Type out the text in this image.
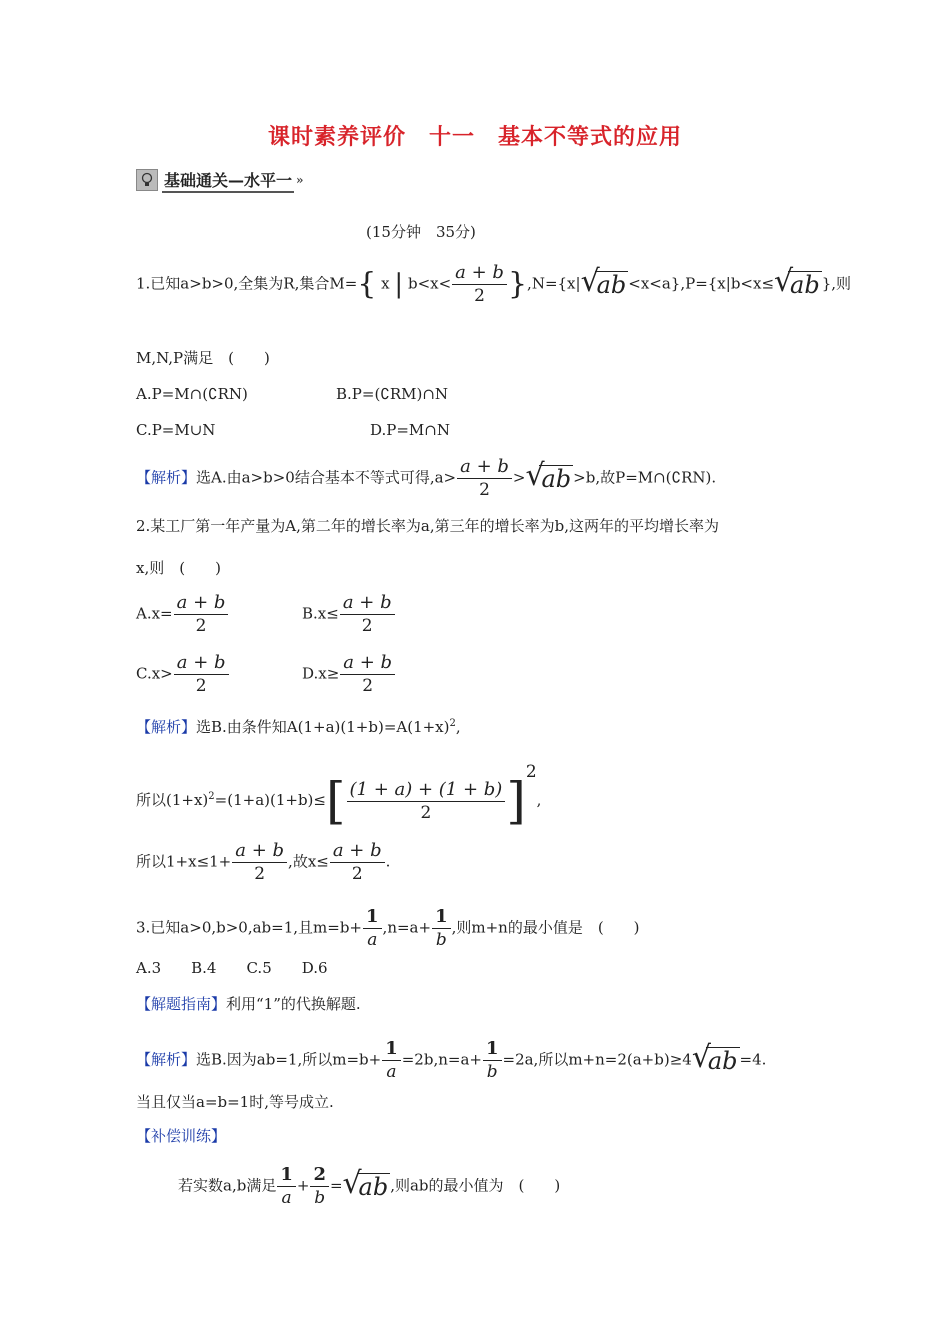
课时素养评价　十一　基本不等式的应用
基础通关—水平一 »
(15分钟　35分)
1.已知a>b>0,全集为R,集合M={ x | $b<x< \frac{a + b}{2} \},N=\{x|$ √
ab <x<a},P={x|b<x≤ √
ab },则
M,N,P满足　(　　)
A.P=M∩(∁RN)	B.P=(∁RM)∩N
C.P=M∪N	D.P=M∩N
【解析】选A.由a>b>0结合基本不等式可得$,a> \frac{a + b}{2}$ > √
ab >b,故P=M∩(∁RN).
2.某工厂第一年产量为A,第二年的增长率为a,第三年的增长率为b,这两年的平均增长率为
x,则　(　　)
$A.x= \frac{a + b}{2}$	$B.x\le \frac{a + b}{2}$
$C.x> \frac{a + b}{2}$	$D.x\ge \frac{a + b}{2}$
【解析】选B.由条件知$A(1+a)(1+b)=A(1+x)^2$,
所以$(1+x)^2=(1+a)(1+b)\le[ \frac{(1 + a) + (1 + b)}{2} ]^2$,
所以$1+x\le 1+ \frac{a + b}{2}$ ,故$x\le \frac{a + b}{2}$ .
3.已知a>0,b>0,ab=1,且$m=b+ \frac{1}{a} ,n=a+ \frac{1}{b}$ ,则m+n的最小值是　(　　)
A.3　　B.4　　C.5　　D.6
【解题指南】利用“1”的代换解题.
【解析】选B.因为ab=1,所以$m=b+ \frac{1}{a} =2b,n=a+ \frac{1}{b} =2a$,所以m+n=2(a+b)≥4 √
ab =4.
当且仅当a=b=1时,等号成立.
【补偿训练】
若实数a,b满足 $\frac{1}{a} + \frac{2}{b}$ = √
ab ,则ab的最小值为　(　　)
